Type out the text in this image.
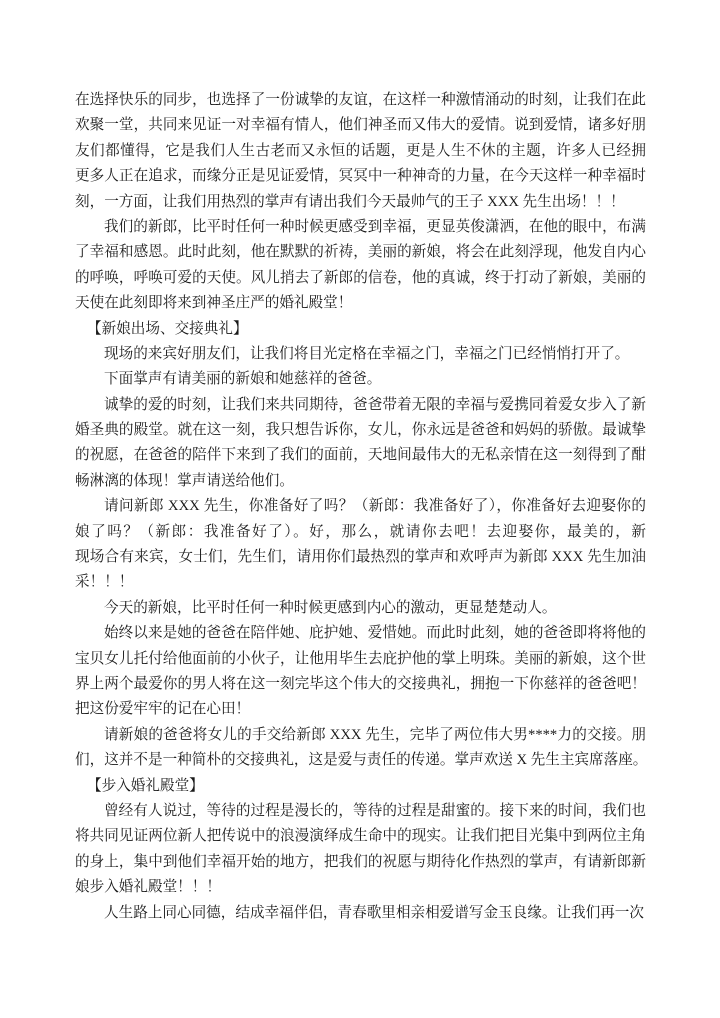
在选择快乐的同步，也选择了一份诚挚的友谊，在这样一种激情涌动的时刻，让我们在此
欢聚一堂，共同来见证一对幸福有情人，他们神圣而又伟大的爱情。说到爱情，诸多好朋
友们都懂得，它是我们人生古老而又永恒的话题，更是人生不休的主题，许多人已经拥
更多人正在追求，而缘分正是见证爱情，冥冥中一种神奇的力量，在今天这样一种幸福时
刻，一方面，让我们用热烈的掌声有请出我们今天最帅气的王子 XXX 先生出场！！！
我们的新郎，比平时任何一种时候更感受到幸福，更显英俊潇洒，在他的眼中，布满
了幸福和感恩。此时此刻，他在默默的祈祷，美丽的新娘，将会在此刻浮现，他发自内心
的呼唤，呼唤可爱的天使。风儿捎去了新郎的信卷，他的真诚，终于打动了新娘，美丽的
天使在此刻即将来到神圣庄严的婚礼殿堂！
【新娘出场、交接典礼】
现场的来宾好朋友们，让我们将目光定格在幸福之门，幸福之门已经悄悄打开了。
下面掌声有请美丽的新娘和她慈祥的爸爸。
诚挚的爱的时刻，让我们来共同期待，爸爸带着无限的幸福与爱携同着爱女步入了新
婚圣典的殿堂。就在这一刻，我只想告诉你，女儿，你永远是爸爸和妈妈的骄傲。最诚挚
的祝愿，在爸爸的陪伴下来到了我们的面前，天地间最伟大的无私亲情在这一刻得到了酣
畅淋漓的体现！掌声请送给他们。
请问新郎 XXX 先生，你准备好了吗？（新郎：我准备好了），你准备好去迎娶你的
娘了吗？（新郎：我准备好了）。好，那么，就请你去吧！去迎娶你，最美的，新
现场合有来宾，女士们，先生们，请用你们最热烈的掌声和欢呼声为新郎 XXX 先生加油
采！！！
今天的新娘，比平时任何一种时候更感到内心的激动，更显楚楚动人。
始终以来是她的爸爸在陪伴她、庇护她、爱惜她。而此时此刻，她的爸爸即将将他的
宝贝女儿托付给他面前的小伙子，让他用毕生去庇护他的掌上明珠。美丽的新娘，这个世
界上两个最爱你的男人将在这一刻完毕这个伟大的交接典礼，拥抱一下你慈祥的爸爸吧！
把这份爱牢牢的记在心田！
请新娘的爸爸将女儿的手交给新郎 XXX 先生，完毕了两位伟大男****力的交接。朋
们，这并不是一种简朴的交接典礼，这是爱与责任的传递。掌声欢送 X 先生主宾席落座。
【步入婚礼殿堂】
曾经有人说过，等待的过程是漫长的，等待的过程是甜蜜的。接下来的时间，我们也
将共同见证两位新人把传说中的浪漫演绎成生命中的现实。让我们把目光集中到两位主角
的身上，集中到他们幸福开始的地方，把我们的祝愿与期待化作热烈的掌声，有请新郎新
娘步入婚礼殿堂！！！
人生路上同心同德，结成幸福伴侣，青春歌里相亲相爱谱写金玉良缘。让我们再一次
